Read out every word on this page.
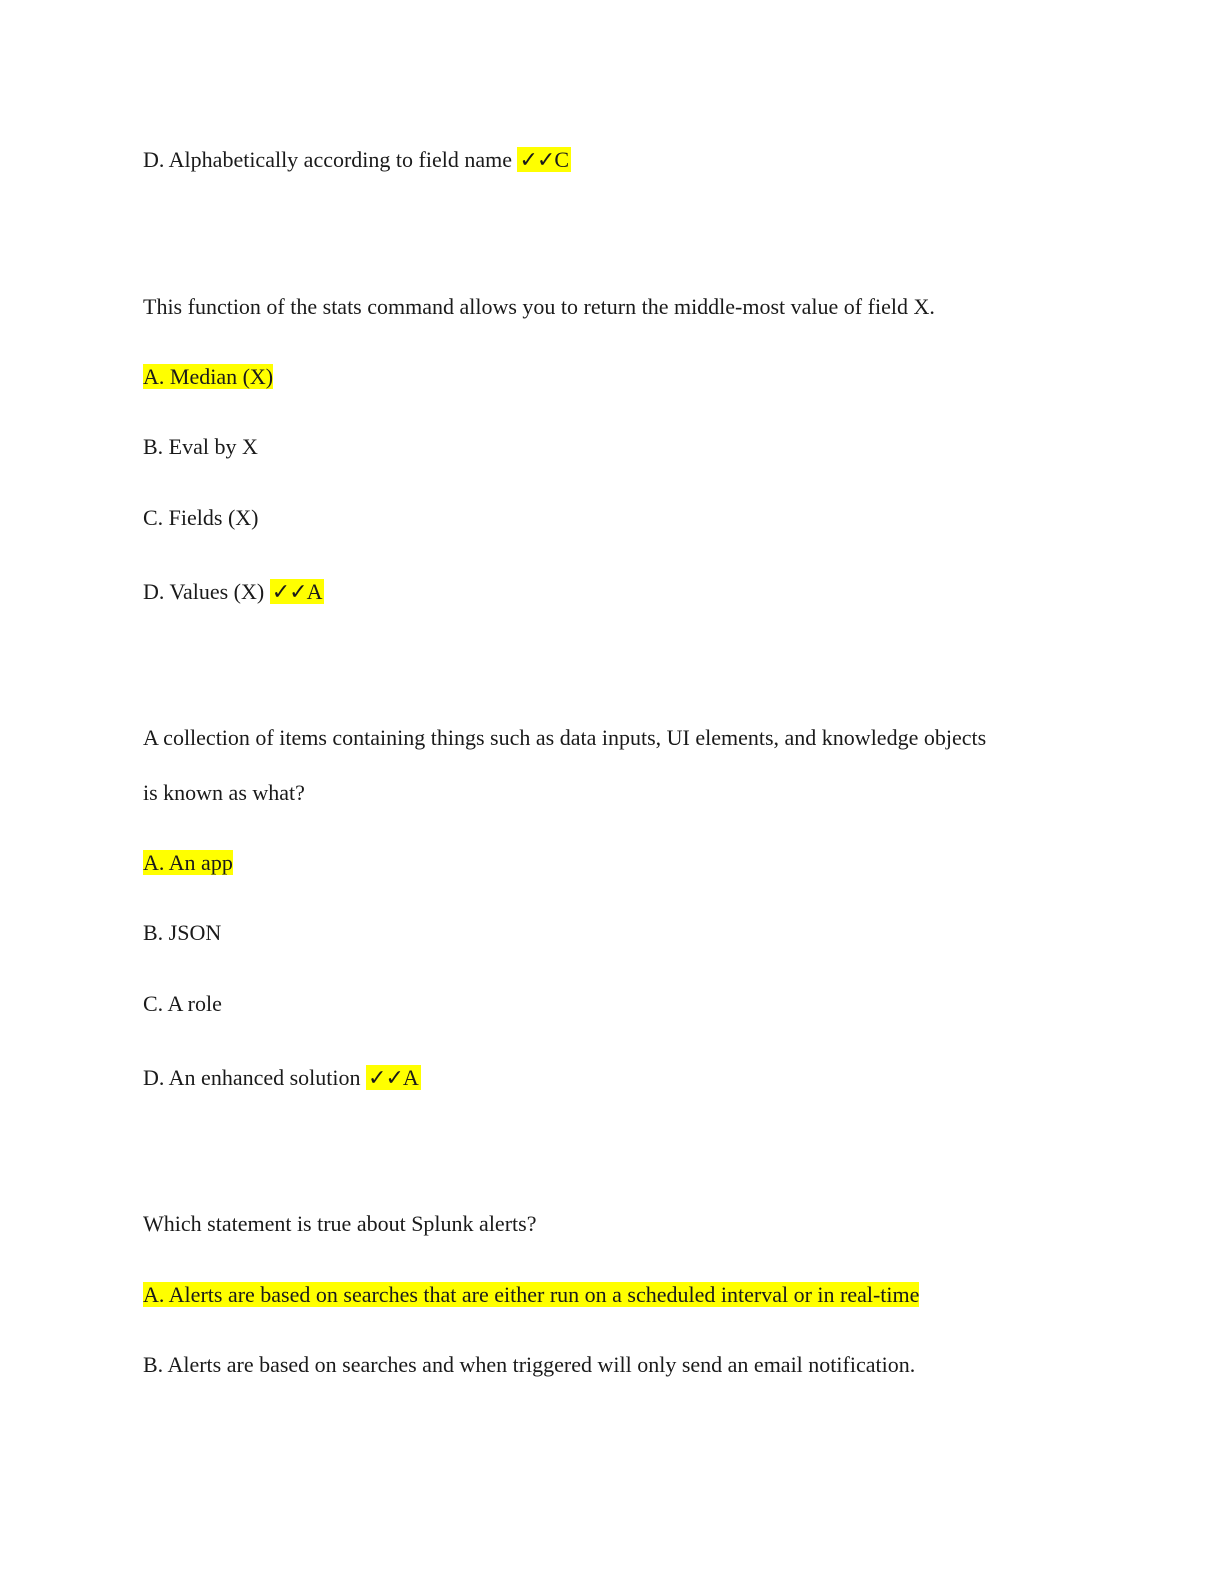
D. Alphabetically according to field name ✓✓C
This function of the stats command allows you to return the middle-most value of field X.
A. Median (X)
B. Eval by X
C. Fields (X)
D. Values (X) ✓✓A
A collection of items containing things such as data inputs, UI elements, and knowledge objects
is known as what?
A. An app
B. JSON
C. A role
D. An enhanced solution ✓✓A
Which statement is true about Splunk alerts?
A. Alerts are based on searches that are either run on a scheduled interval or in real-time
B. Alerts are based on searches and when triggered will only send an email notification.
